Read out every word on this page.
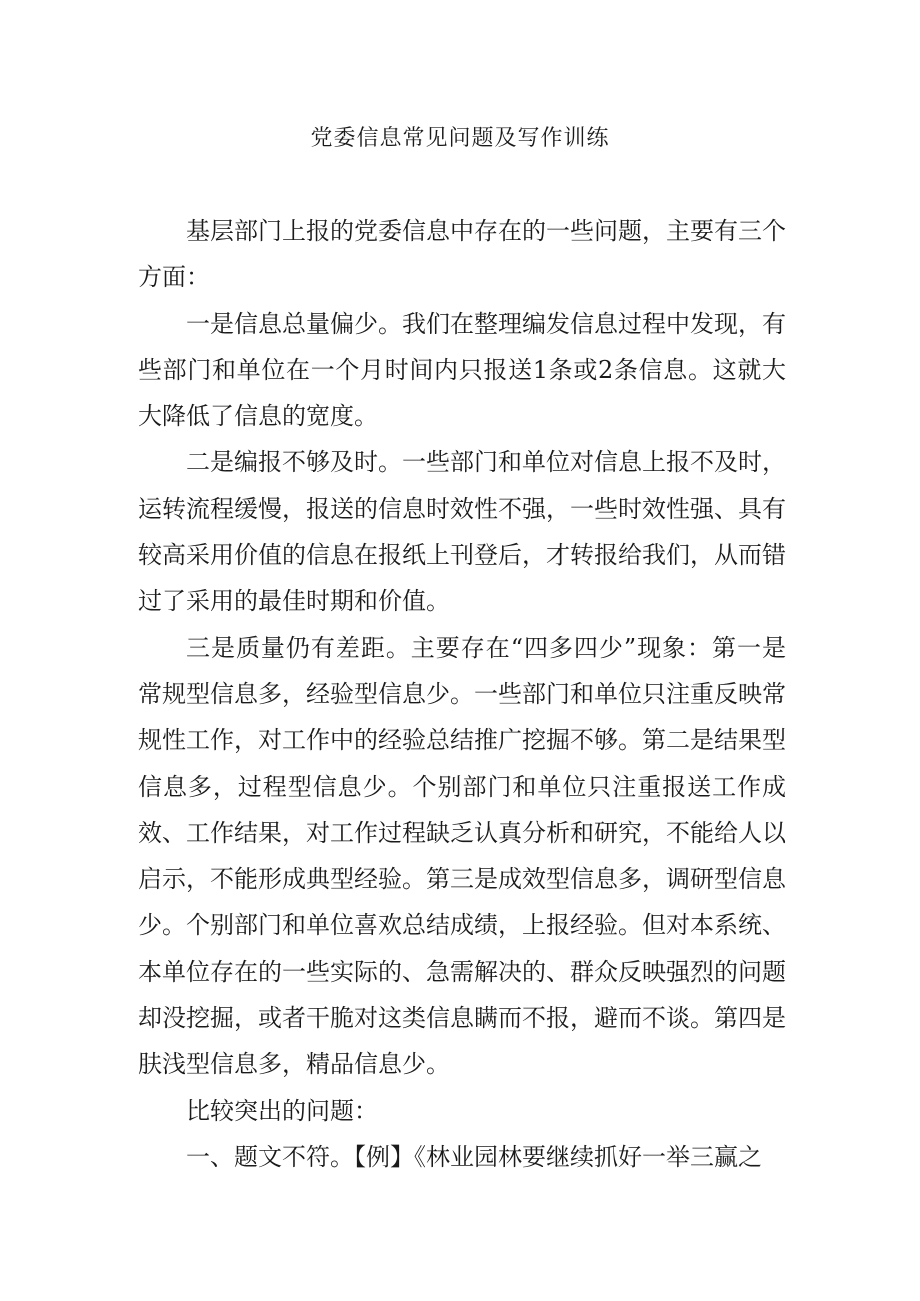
党委信息常见问题及写作训练

基层部门上报的党委信息中存在的一些问题，主要有三个方面：

一是信息总量偏少。我们在整理编发信息过程中发现，有些部门和单位在一个月时间内只报送1条或2条信息。这就大大降低了信息的宽度。

二是编报不够及时。一些部门和单位对信息上报不及时，运转流程缓慢，报送的信息时效性不强，一些时效性强、具有较高采用价值的信息在报纸上刊登后，才转报给我们，从而错过了采用的最佳时期和价值。

三是质量仍有差距。主要存在“四多四少”现象：第一是常规型信息多，经验型信息少。一些部门和单位只注重反映常规性工作，对工作中的经验总结推广挖掘不够。第二是结果型信息多，过程型信息少。个别部门和单位只注重报送工作成效、工作结果，对工作过程缺乏认真分析和研究，不能给人以启示，不能形成典型经验。第三是成效型信息多，调研型信息少。个别部门和单位喜欢总结成绩，上报经验。但对本系统、本单位存在的一些实际的、急需解决的、群众反映强烈的问题却没挖掘，或者干脆对这类信息瞒而不报，避而不谈。第四是肤浅型信息多，精品信息少。

比较突出的问题：

一、题文不符。【例】《林业园林要继续抓好一举三赢之
